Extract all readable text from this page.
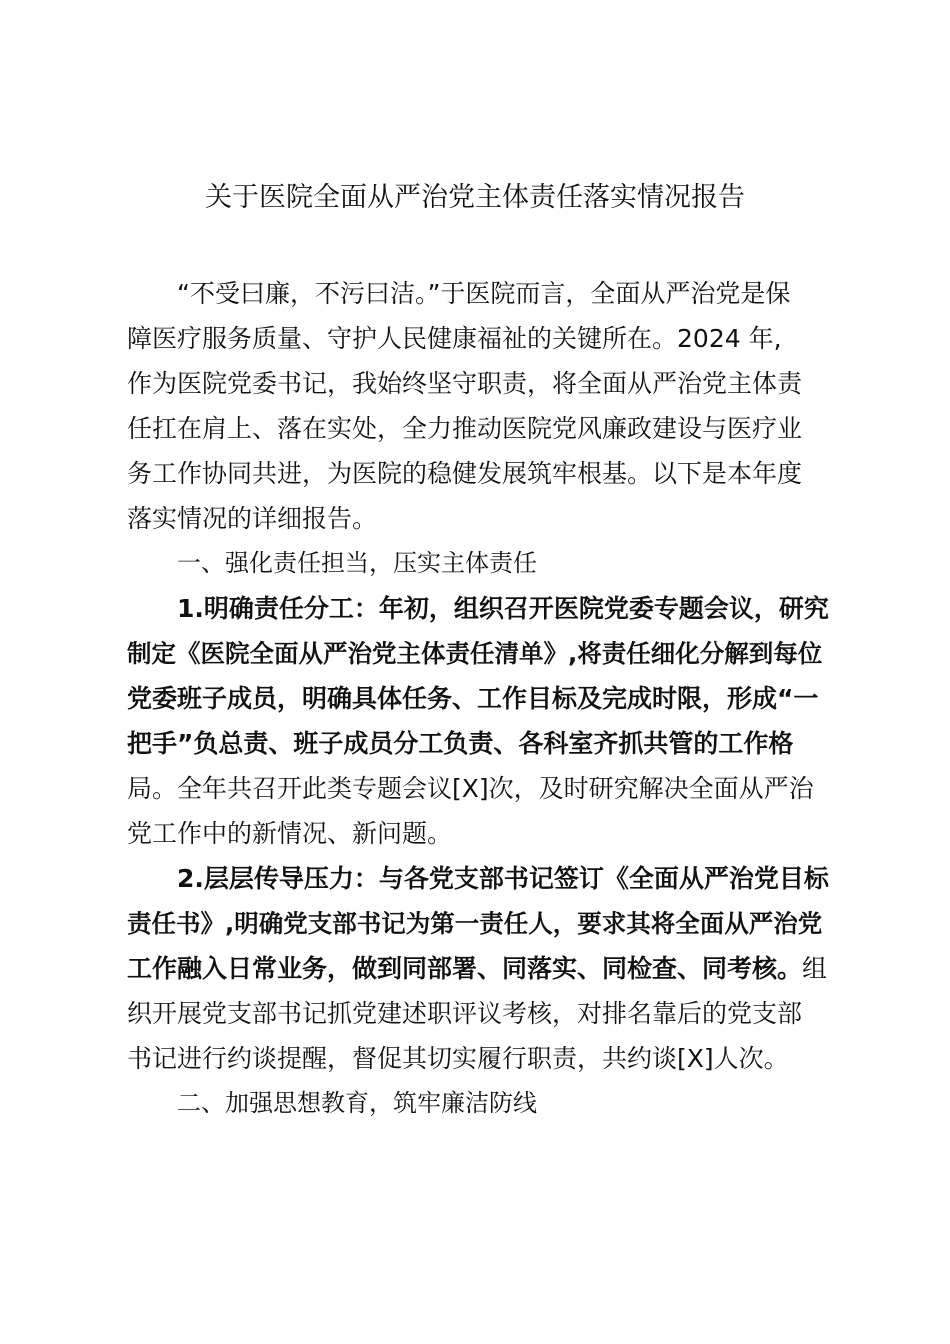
关于医院全面从严治党主体责任落实情况报告

“不受曰廉，不污曰洁。”于医院而言，全面从严治党是保
障医疗服务质量、守护人民健康福祉的关键所在。2024 年,
作为医院党委书记，我始终坚守职责，将全面从严治党主体责
任扛在肩上、落在实处，全力推动医院党风廉政建设与医疗业
务工作协同共进，为医院的稳健发展筑牢根基。以下是本年度
落实情况的详细报告。

一、强化责任担当，压实主体责任

1.明确责任分工：年初，组织召开医院党委专题会议，研究
制定《医院全面从严治党主体责任清单》,将责任细化分解到每位
党委班子成员，明确具体任务、工作目标及完成时限，形成“一
把手”负总责、班子成员分工负责、各科室齐抓共管的工作格
局。全年共召开此类专题会议[X]次，及时研究解决全面从严治
党工作中的新情况、新问题。

2.层层传导压力：与各党支部书记签订《全面从严治党目标
责任书》,明确党支部书记为第一责任人，要求其将全面从严治党
工作融入日常业务，做到同部署、同落实、同检查、同考核。组
织开展党支部书记抓党建述职评议考核，对排名靠后的党支部
书记进行约谈提醒，督促其切实履行职责，共约谈[X]人次。

二、加强思想教育，筑牢廉洁防线
